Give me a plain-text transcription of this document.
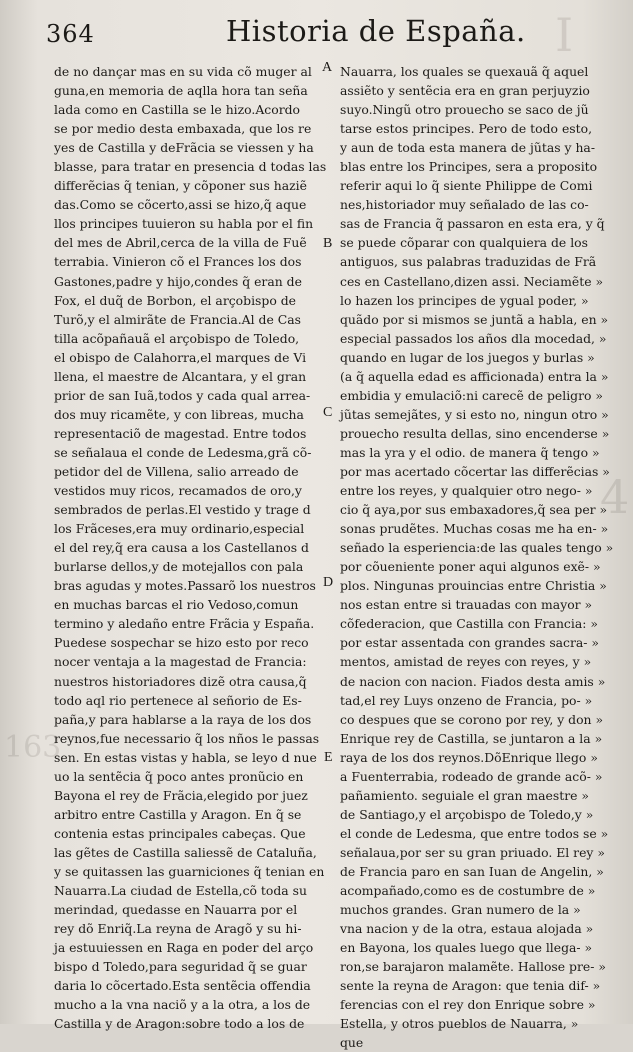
I
4
163
364	Historia de España.
de no dançar mas en su vida cõ muger al
guna,en memoria de aqlla hora tan seña
lada como en Castilla se le hizo.Acordo
se por medio desta embaxada, que los re
yes de Castilla y deFrãcia se viessen y ha
blasse, para tratar en presencia d todas las
differẽcias q̃ tenian, y cõponer sus haziẽ
das.Como se cõcerto,assi se hizo,q̃ aque
llos principes tuuieron su habla por el fin
del mes de Abril,cerca de la villa de Fuẽ
terrabia. Vinieron cõ el Frances los dos
Gastones,padre y hijo,condes q̃ eran de
Fox, el duq̃ de Borbon, el arçobispo de
Turõ,y el almirãte de Francia.Al de Cas
tilla acõpañauã el arçobispo de Toledo,
el obispo de Calahorra,el marques de Vi
llena, el maestre de Alcantara, y el gran
prior de san Iuã,todos y cada qual arrea-
dos muy ricamẽte, y con libreas, mucha
representaciõ de magestad. Entre todos
se señalaua el conde de Ledesma,grã cõ-
petidor del de Villena, salio arreado de
vestidos muy ricos, recamados de oro,y
sembrados de perlas.El vestido y trage d
los Frãceses,era muy ordinario,especial
el del rey,q̃ era causa a los Castellanos d
burlarse dellos,y de motejallos con pala
bras agudas y motes.Passarõ los nuestros
en muchas barcas el rio Vedoso,comun
termino y aledaño entre Frãcia y España.
Puedese sospechar se hizo esto por reco
nocer ventaja a la magestad de Francia:
nuestros historiadores dizẽ otra causa,q̃
todo aql rio pertenece al señorio de Es-
paña,y para hablarse a la raya de los dos
reynos,fue necessario q̃ los nños le passas
sen. En estas vistas y habla, se leyo d nue
uo la sentẽcia q̃ poco antes pronũcio en
Bayona el rey de Frãcia,elegido por juez
arbitro entre Castilla y Aragon. En q̃ se
contenia estas principales cabeças. Que
las gẽtes de Castilla saliessẽ de Cataluña,
y se quitassen las guarniciones q̃ tenian en
Nauarra.La ciudad de Estella,cõ toda su
merindad, quedasse en Nauarra por el
rey dõ Enriq̃.La reyna de Aragõ y su hi-
ja estuuiessen en Raga en poder del arço
bispo d Toledo,para seguridad q̃ se guar
daria lo cõcertado.Esta sentẽcia offendia
mucho a la vna naciõ y a la otra, a los de
Castilla y de Aragon:sobre todo a los de
Nauarra, los quales se quexauã q̃ aquel
assiẽto y sentẽcia era en gran perjuyzio
suyo.Ningũ otro prouecho se saco de jũ
tarse estos principes. Pero de todo esto,
y aun de toda esta manera de jũtas y ha-
blas entre los Principes, sera a proposito
referir aqui lo q̃ siente Philippe de Comi
nes,historiador muy señalado de las co-
sas de Francia q̃ passaron en esta era, y q̃
se puede cõparar con qualquiera de los
antiguos, sus palabras traduzidas de Frã
ces en Castellano,dizen assi. Neciamẽte »
lo hazen los principes de ygual poder, »
quãdo por si mismos se juntã a habla, en »
especial passados los años dla mocedad, »
quando en lugar de los juegos y burlas »
(a q̃ aquella edad es afficionada) entra la »
embidia y emulaciõ:ni carecẽ de peligro »
jũtas semejãtes, y si esto no, ningun otro »
prouecho resulta dellas, sino encenderse »
mas la yra y el odio. de manera q̃ tengo »
por mas acertado cõcertar las differẽcias »
entre los reyes, y qualquier otro nego- »
cio q̃ aya,por sus embaxadores,q̃ sea per »
sonas prudẽtes. Muchas cosas me ha en- »
señado la esperiencia:de las quales tengo »
por cõueniente poner aqui algunos exẽ- »
plos. Ningunas prouincias entre Christia »
nos estan entre si trauadas con mayor »
cõfederacion, que Castilla con Francia: »
por estar assentada con grandes sacra- »
mentos, amistad de reyes con reyes, y »
de nacion con nacion. Fiados desta amis »
tad,el rey Luys onzeno de Francia, po- »
co despues que se corono por rey, y don »
Enrique rey de Castilla, se juntaron a la »
raya de los dos reynos.DõEnrique llego »
a Fuenterrabia, rodeado de grande acõ- »
pañamiento. seguiale el gran maestre »
de Santiago,y el arçobispo de Toledo,y »
el conde de Ledesma, que entre todos se »
señalaua,por ser su gran priuado. El rey »
de Francia paro en san Iuan de Angelin, »
acompañado,como es de costumbre de »
muchos grandes. Gran numero de la »
vna nacion y de la otra, estaua alojada »
en Bayona, los quales luego que llega- »
ron,se barajaron malamẽte. Hallose pre- »
sente la reyna de Aragon: que tenia dif- »
ferencias con el rey don Enrique sobre »
Estella, y otros pueblos de Nauarra, »
que
A
B
C
D
E
